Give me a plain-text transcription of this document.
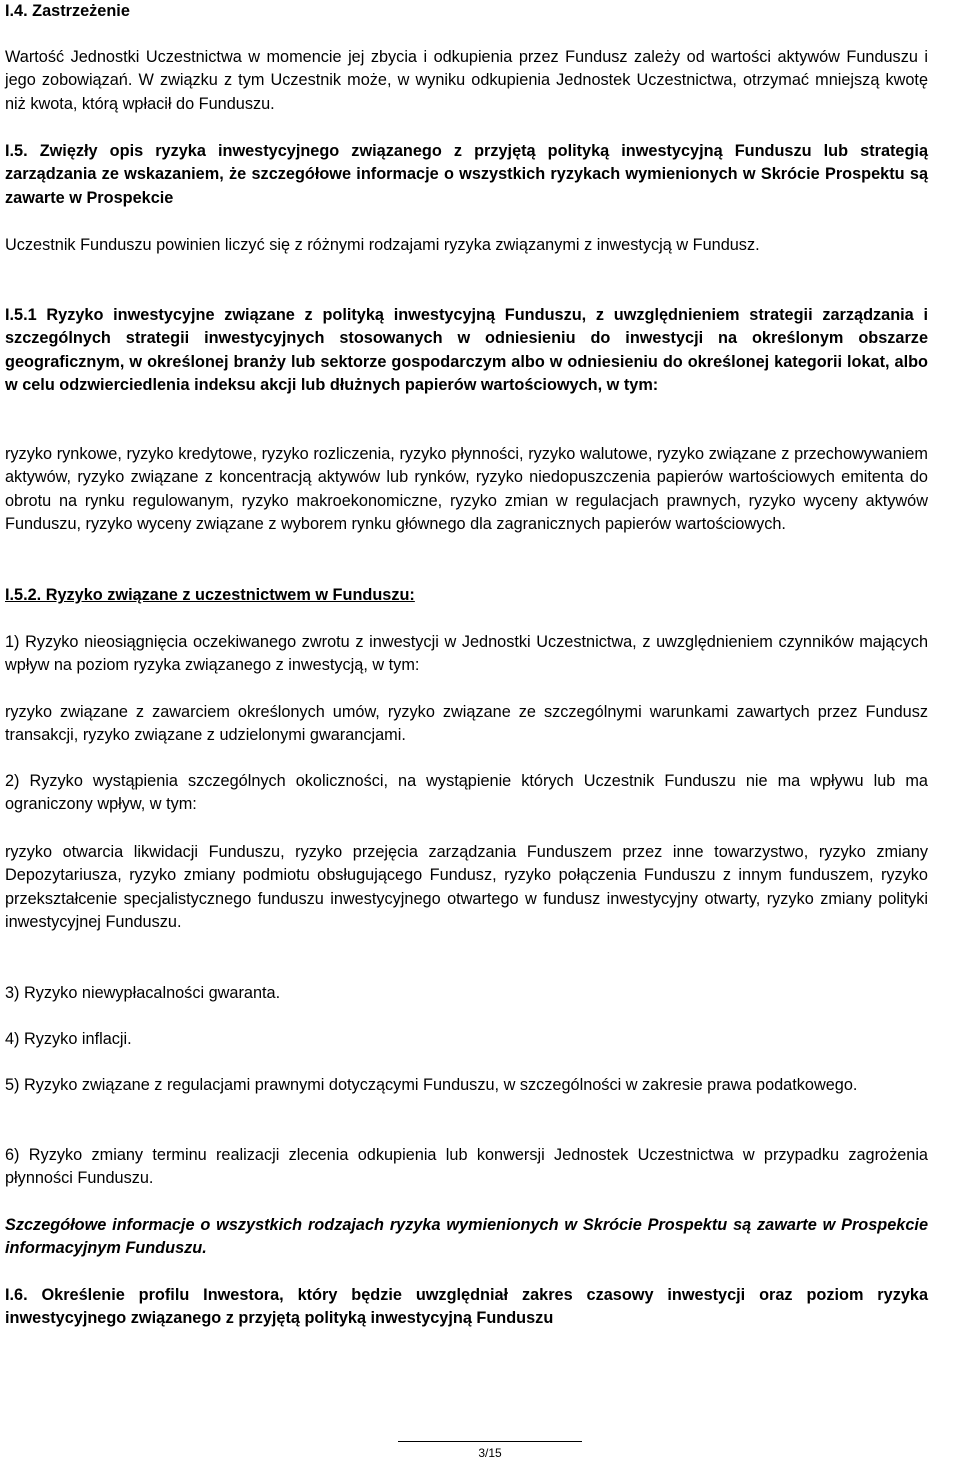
I.4. Zastrzeżenie

Wartość Jednostki Uczestnictwa w momencie jej zbycia i odkupienia przez Fundusz zależy od wartości aktywów Funduszu i jego zobowiązań. W związku z tym Uczestnik może, w wyniku odkupienia Jednostek Uczestnictwa, otrzymać mniejszą kwotę niż kwota, którą wpłacił do Funduszu.

I.5. Zwięzły opis ryzyka inwestycyjnego związanego z przyjętą polityką inwestycyjną Funduszu lub strategią zarządzania ze wskazaniem, że szczegółowe informacje o wszystkich ryzykach wymienionych w Skrócie Prospektu są zawarte w Prospekcie

Uczestnik Funduszu powinien liczyć się z różnymi rodzajami ryzyka związanymi z inwestycją w Fundusz.

I.5.1 Ryzyko inwestycyjne związane z polityką inwestycyjną Funduszu, z uwzględnieniem strategii zarządzania i szczególnych strategii inwestycyjnych stosowanych w odniesieniu do inwestycji na określonym obszarze geograficznym, w określonej branży lub sektorze gospodarczym albo w odniesieniu do określonej kategorii lokat, albo w celu odzwierciedlenia indeksu akcji lub dłużnych papierów wartościowych, w tym:

ryzyko rynkowe, ryzyko kredytowe, ryzyko rozliczenia, ryzyko płynności, ryzyko walutowe, ryzyko związane z przechowywaniem aktywów, ryzyko związane z koncentracją aktywów lub rynków, ryzyko niedopuszczenia papierów wartościowych emitenta do obrotu na rynku regulowanym, ryzyko makroekonomiczne, ryzyko zmian w regulacjach prawnych, ryzyko wyceny aktywów Funduszu, ryzyko wyceny związane z wyborem rynku głównego dla zagranicznych papierów wartościowych.

I.5.2. Ryzyko związane z uczestnictwem w Funduszu:

1) Ryzyko nieosiągnięcia oczekiwanego zwrotu z inwestycji w Jednostki Uczestnictwa, z uwzględnieniem czynników mających wpływ na poziom ryzyka związanego z inwestycją, w tym:

ryzyko związane z zawarciem określonych umów, ryzyko związane ze szczególnymi warunkami zawartych przez Fundusz transakcji, ryzyko związane z udzielonymi gwarancjami.

2) Ryzyko wystąpienia szczególnych okoliczności, na wystąpienie których Uczestnik Funduszu nie ma wpływu lub ma ograniczony wpływ, w tym:

ryzyko otwarcia likwidacji Funduszu, ryzyko przejęcia zarządzania Funduszem przez inne towarzystwo, ryzyko zmiany Depozytariusza, ryzyko zmiany podmiotu obsługującego Fundusz, ryzyko połączenia Funduszu z innym funduszem, ryzyko przekształcenie specjalistycznego funduszu inwestycyjnego otwartego w fundusz inwestycyjny otwarty, ryzyko zmiany polityki inwestycyjnej Funduszu.

3) Ryzyko niewypłacalności gwaranta.

4) Ryzyko inflacji.

5) Ryzyko związane z regulacjami prawnymi dotyczącymi Funduszu, w szczególności w zakresie prawa podatkowego.

6) Ryzyko zmiany terminu realizacji zlecenia odkupienia lub konwersji Jednostek Uczestnictwa w przypadku zagrożenia płynności Funduszu.

Szczegółowe informacje o wszystkich rodzajach ryzyka wymienionych w Skrócie Prospektu są zawarte w Prospekcie informacyjnym Funduszu.

I.6. Określenie profilu Inwestora, który będzie uwzględniał zakres czasowy inwestycji oraz poziom ryzyka inwestycyjnego związanego z przyjętą polityką inwestycyjną Funduszu

3/15
